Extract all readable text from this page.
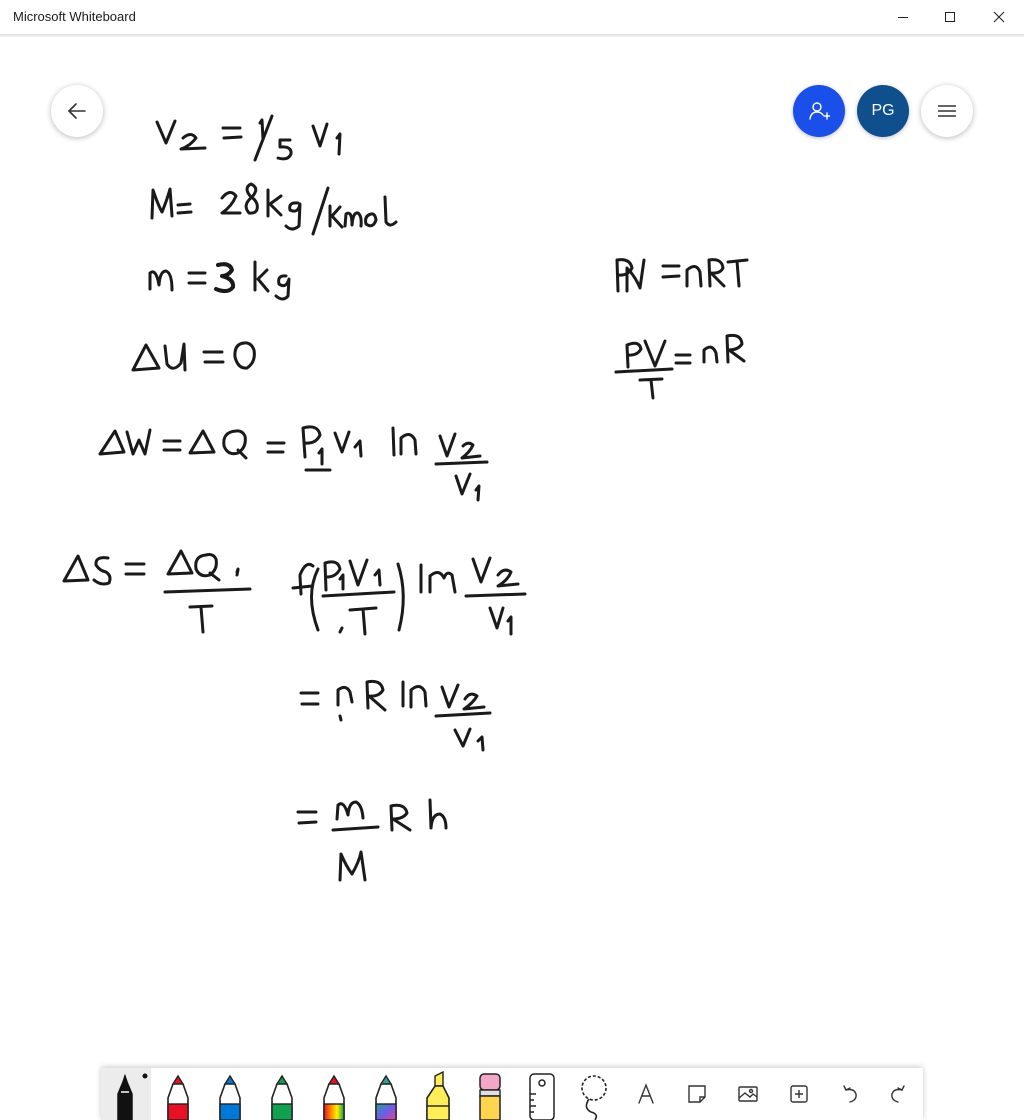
Microsoft Whiteboard
PG
